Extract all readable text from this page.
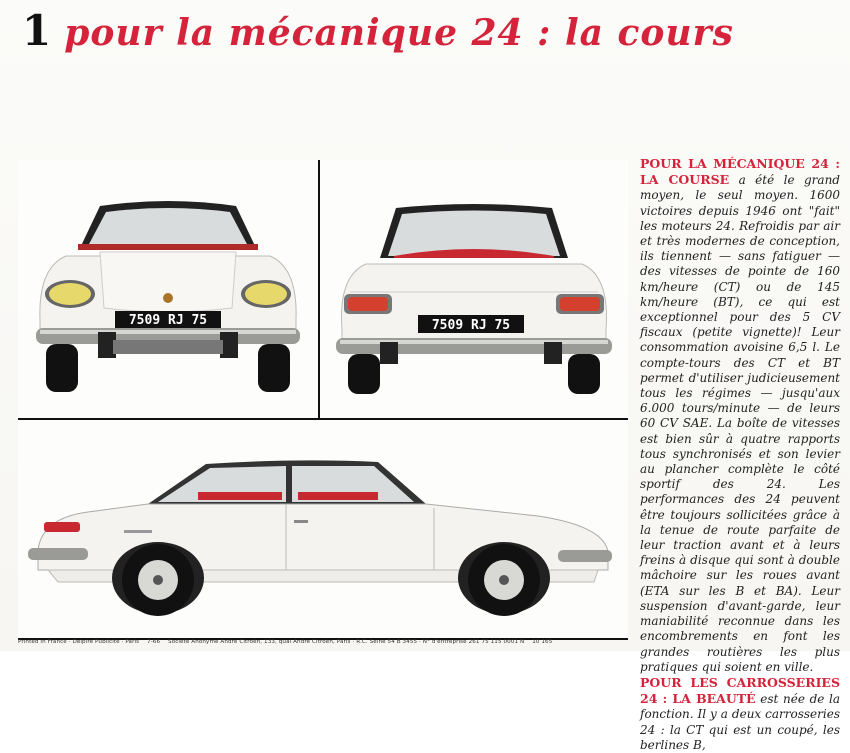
1 pour la mécanique 24 : la cours
7509 RJ 75	7509 RJ 75

POUR LA MÉCANIQUE 24 : LA COURSE a été le grand moyen, le seul moyen. 1600 victoires depuis 1946 ont "fait" les moteurs 24. Refroidis par air et très modernes de conception, ils tiennent — sans fatiguer — des vitesses de pointe de 160 km/heure (CT) ou de 145 km/heure (BT), ce qui est exceptionnel pour des 5 CV fiscaux (petite vignette)! Leur consommation avoisine 6,5 l. Le compte-tours des CT et BT permet d'utiliser judicieusement tous les régimes — jusqu'aux 6.000 tours/minute — de leurs 60 CV SAE. La boîte de vitesses est bien sûr à quatre rapports tous synchronisés et son levier au plancher complète le côté sportif des 24. Les performances des 24 peuvent être toujours sollicitées grâce à la tenue de route parfaite de leur traction avant et à leurs freins à disque qui sont à double mâchoire sur les roues avant (ETA sur les B et BA). Leur suspension d'avant-garde, leur maniabilité reconnue dans les encombrements en font les grandes routières les plus pratiques qui soient en ville.

POUR LES CARROSSERIES 24 : LA BEAUTÉ est née de la fonction. Il y a deux carrosseries 24 : la CT qui est un coupé, les berlines B,

Printed in France · Delpire Publicité · Paris 7-66 Société Anonyme André Citroën, 133, quai André Citroën, Paris · R.C. Seine 54 B 3455 · N° d'entreprise 261 75 115 0001 N 10 165
